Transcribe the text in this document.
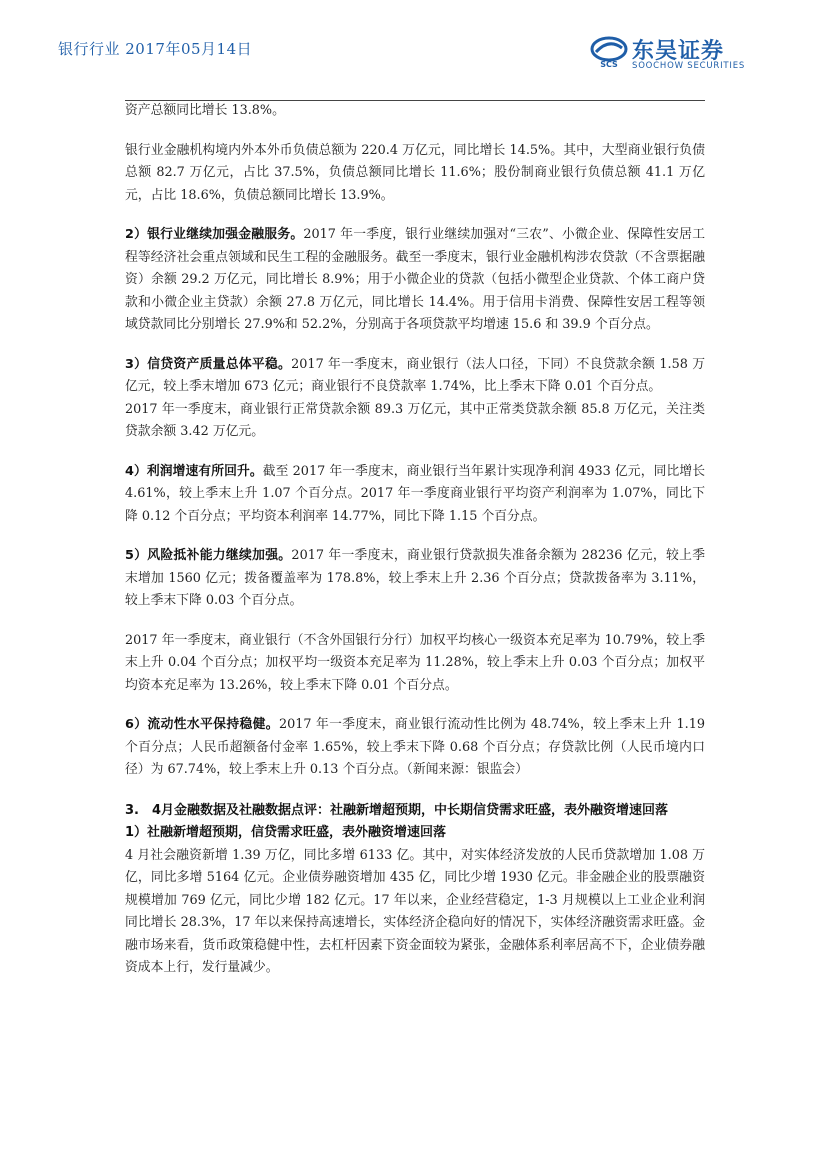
银行行业 2017年05月14日
SCS
东吴证券
SOOCHOW SECURITIES

资产总额同比增长 13.8%。

银行业金融机构境内外本外币负债总额为 220.4 万亿元，同比增长 14.5%。其中，大型商业银行负债总额 82.7 万亿元，占比 37.5%，负债总额同比增长 11.6%；股份制商业银行负债总额 41.1 万亿元，占比 18.6%，负债总额同比增长 13.9%。

2）银行业继续加强金融服务。2017 年一季度，银行业继续加强对“三农”、小微企业、保障性安居工程等经济社会重点领域和民生工程的金融服务。截至一季度末，银行业金融机构涉农贷款（不含票据融资）余额 29.2 万亿元，同比增长 8.9%；用于小微企业的贷款（包括小微型企业贷款、个体工商户贷款和小微企业主贷款）余额 27.8 万亿元，同比增长 14.4%。用于信用卡消费、保障性安居工程等领域贷款同比分别增长 27.9%和 52.2%，分别高于各项贷款平均增速 15.6 和 39.9 个百分点。

3）信贷资产质量总体平稳。2017 年一季度末，商业银行（法人口径，下同）不良贷款余额 1.58 万亿元，较上季末增加 673 亿元；商业银行不良贷款率 1.74%，比上季末下降 0.01 个百分点。

2017 年一季度末，商业银行正常贷款余额 89.3 万亿元，其中正常类贷款余额 85.8 万亿元，关注类贷款余额 3.42 万亿元。

4）利润增速有所回升。截至 2017 年一季度末，商业银行当年累计实现净利润 4933 亿元，同比增长 4.61%，较上季末上升 1.07 个百分点。2017 年一季度商业银行平均资产利润率为 1.07%，同比下降 0.12 个百分点；平均资本利润率 14.77%，同比下降 1.15 个百分点。

5）风险抵补能力继续加强。2017 年一季度末，商业银行贷款损失准备余额为 28236 亿元，较上季末增加 1560 亿元；拨备覆盖率为 178.8%，较上季末上升 2.36 个百分点；贷款拨备率为 3.11%，较上季末下降 0.03 个百分点。

2017 年一季度末，商业银行（不含外国银行分行）加权平均核心一级资本充足率为 10.79%，较上季末上升 0.04 个百分点；加权平均一级资本充足率为 11.28%，较上季末上升 0.03 个百分点；加权平均资本充足率为 13.26%，较上季末下降 0.01 个百分点。

6）流动性水平保持稳健。2017 年一季度末，商业银行流动性比例为 48.74%，较上季末上升 1.19 个百分点；人民币超额备付金率 1.65%，较上季末下降 0.68 个百分点；存贷款比例（人民币境内口径）为 67.74%，较上季末上升 0.13 个百分点。（新闻来源：银监会）

3.　4月金融数据及社融数据点评：社融新增超预期，中长期信贷需求旺盛，表外融资增速回落

1）社融新增超预期，信贷需求旺盛，表外融资增速回落

4 月社会融资新增 1.39 万亿，同比多增 6133 亿。其中，对实体经济发放的人民币贷款增加 1.08 万亿，同比多增 5164 亿元。企业债券融资增加 435 亿，同比少增 1930 亿元。非金融企业的股票融资规模增加 769 亿元，同比少增 182 亿元。17 年以来，企业经营稳定，1-3 月规模以上工业企业利润同比增长 28.3%，17 年以来保持高速增长，实体经济企稳向好的情况下，实体经济融资需求旺盛。金融市场来看，货币政策稳健中性，去杠杆因素下资金面较为紧张，金融体系利率居高不下，企业债券融资成本上行，发行量减少。
